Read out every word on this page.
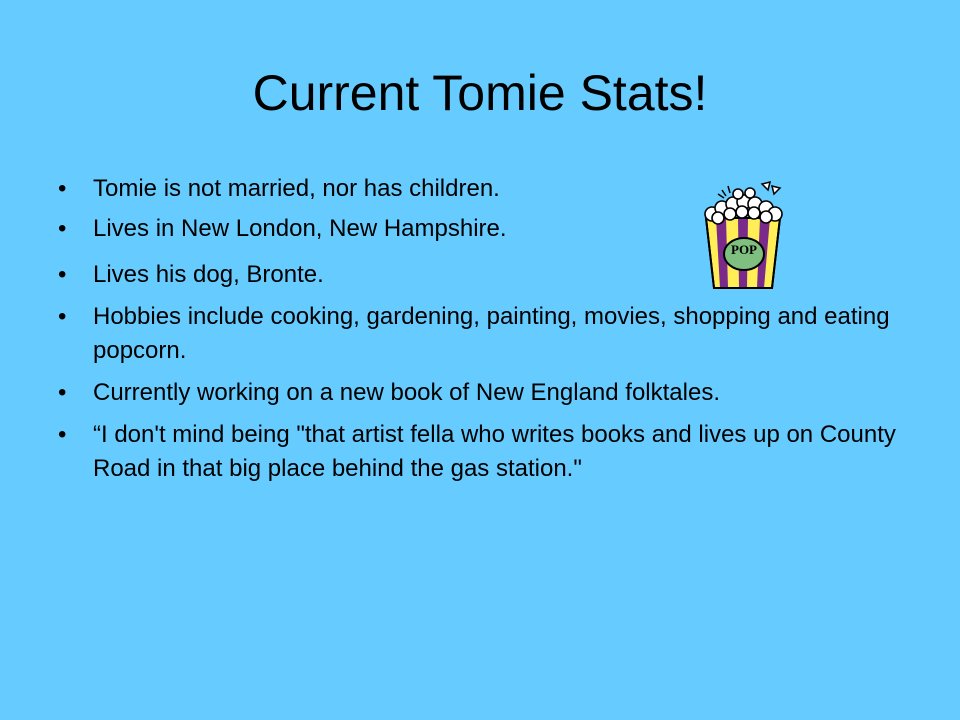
Current Tomie Stats!
• Tomie is not married, nor has children.
• Lives in New London, New Hampshire.
• Lives his dog, Bronte.
• Hobbies include cooking, gardening, painting, movies, shopping and eating popcorn.
• Currently working on a new book of New England folktales.
• “I don't mind being "that artist fella who writes books and lives up on County Road in that big place behind the gas station."
POP
